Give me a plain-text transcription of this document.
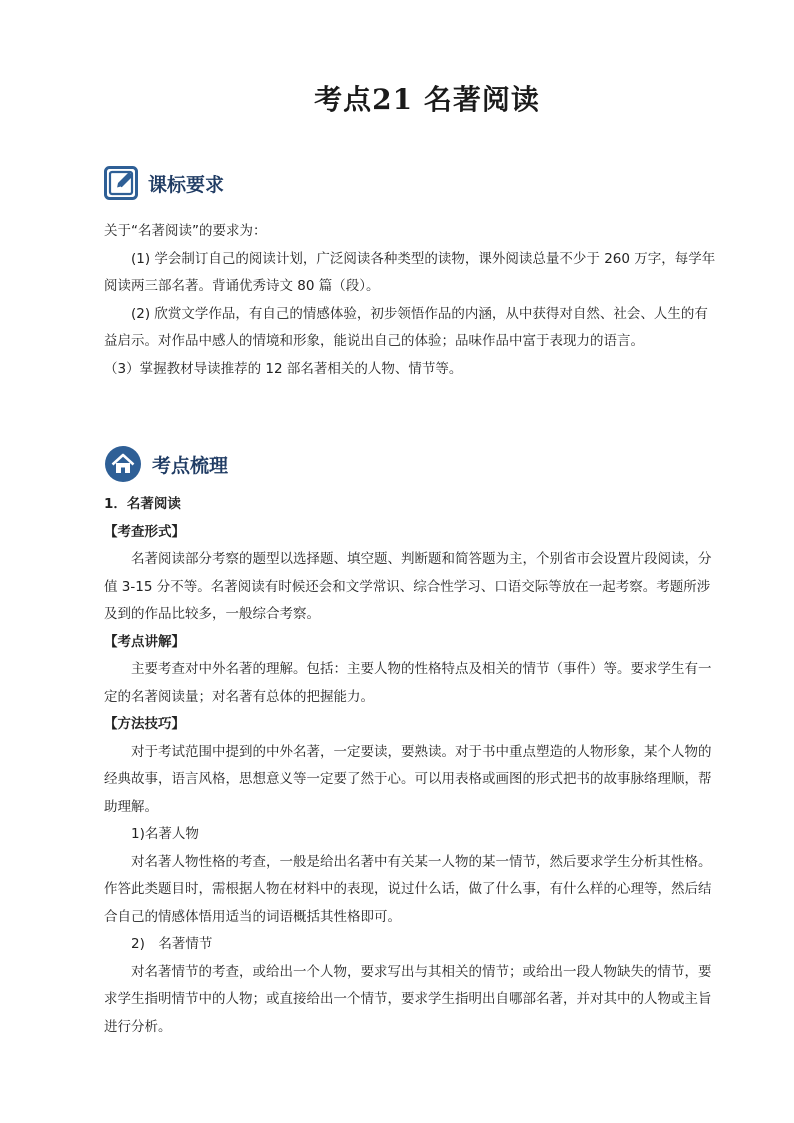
考点21 名著阅读
课标要求
关于“名著阅读”的要求为：
(1) 学会制订自己的阅读计划，广泛阅读各种类型的读物，课外阅读总量不少于 260 万字，每学年阅读两三部名著。背诵优秀诗文 80 篇（段）。
(2) 欣赏文学作品，有自己的情感体验，初步领悟作品的内涵，从中获得对自然、社会、人生的有益启示。对作品中感人的情境和形象，能说出自己的体验；品味作品中富于表现力的语言。
（3）掌握教材导读推荐的 12 部名著相关的人物、情节等。
考点梳理
1．名著阅读
【考查形式】
名著阅读部分考察的题型以选择题、填空题、判断题和简答题为主，个别省市会设置片段阅读，分值 3-15 分不等。名著阅读有时候还会和文学常识、综合性学习、口语交际等放在一起考察。考题所涉及到的作品比较多，一般综合考察。
【考点讲解】
主要考查对中外名著的理解。包括：主要人物的性格特点及相关的情节（事件）等。要求学生有一定的名著阅读量；对名著有总体的把握能力。
【方法技巧】
对于考试范围中提到的中外名著，一定要读，要熟读。对于书中重点塑造的人物形象，某个人物的经典故事，语言风格，思想意义等一定要了然于心。可以用表格或画图的形式把书的故事脉络理顺，帮助理解。
1)名著人物
对名著人物性格的考查，一般是给出名著中有关某一人物的某一情节，然后要求学生分析其性格。作答此类题目时，需根据人物在材料中的表现，说过什么话，做了什么事，有什么样的心理等，然后结合自己的情感体悟用适当的词语概括其性格即可。
2)　名著情节
对名著情节的考查，或给出一个人物，要求写出与其相关的情节；或给出一段人物缺失的情节，要求学生指明情节中的人物；或直接给出一个情节，要求学生指明出自哪部名著，并对其中的人物或主旨进行分析。
